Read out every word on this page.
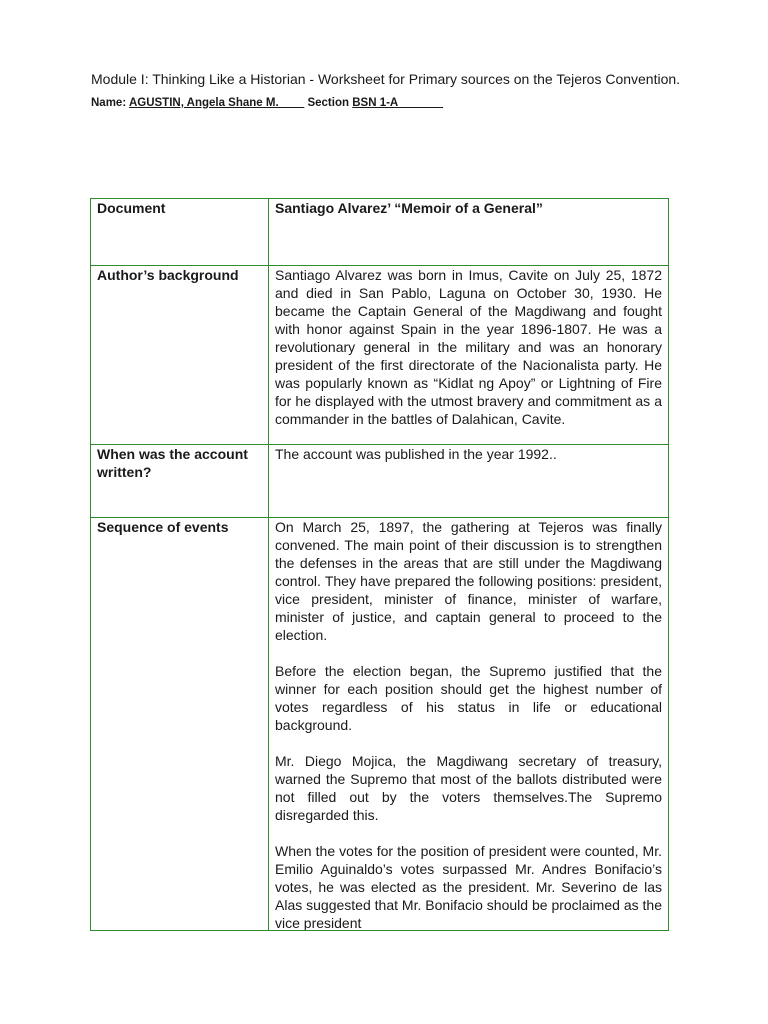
Module I: Thinking Like a Historian - Worksheet for Primary sources on the Tejeros Convention.
Name: AGUSTIN, Angela Shane M.____ Section BSN 1-A_______
Document	Santiago Alvarez’ “Memoir of a General”
Author’s background	Santiago Alvarez was born in Imus, Cavite on July 25, 1872 and died in San Pablo, Laguna on October 30, 1930. He became the Captain General of the Magdiwang and fought with honor against Spain in the year 1896-1807. He was a revolutionary general in the military and was an honorary president of the first directorate of the Nacionalista party. He was popularly known as “Kidlat ng Apoy” or Lightning of Fire for he displayed with the utmost bravery and commitment as a commander in the battles of Dalahican, Cavite.
When was the account written?	The account was published in the year 1992..
Sequence of events	On March 25, 1897, the gathering at Tejeros was finally convened. The main point of their discussion is to strengthen the defenses in the areas that are still under the Magdiwang control. They have prepared the following positions: president, vice president, minister of finance, minister of warfare, minister of justice, and captain general to proceed to the election.

Before the election began, the Supremo justified that the winner for each position should get the highest number of votes regardless of his status in life or educational background.

Mr. Diego Mojica, the Magdiwang secretary of treasury, warned the Supremo that most of the ballots distributed were not filled out by the voters themselves.The Supremo disregarded this.

When the votes for the position of president were counted, Mr. Emilio Aguinaldo’s votes surpassed Mr. Andres Bonifacio’s votes, he was elected as the president. Mr. Severino de las Alas suggested that Mr. Bonifacio should be proclaimed as the vice president
